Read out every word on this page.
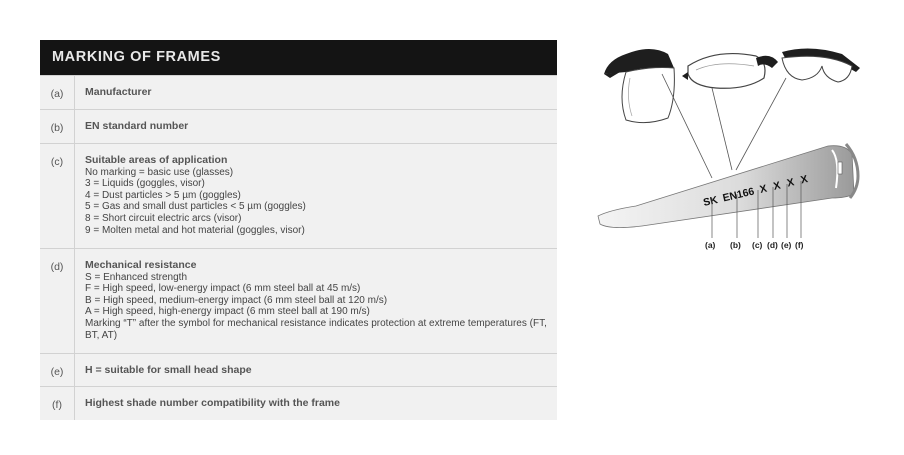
MARKING OF FRAMES
(a)	Manufacturer
(b)	EN standard number
(c)	Suitable areas of application
No marking = basic use (glasses)
3 = Liquids (goggles, visor)
4 = Dust particles > 5 µm (goggles)
5 = Gas and small dust particles < 5 µm (goggles)
8 = Short circuit electric arcs (visor)
9 = Molten metal and hot material (goggles, visor)
(d)	Mechanical resistance
S = Enhanced strength
F = High speed, low-energy impact (6 mm steel ball at 45 m/s)
B = High speed, medium-energy impact (6 mm steel ball at 120 m/s)
A = High speed, high-energy impact (6 mm steel ball at 190 m/s)
Marking “T” after the symbol for mechanical resistance indicates protection at extreme temperatures (FT, BT, AT)
(e)	H = suitable for small head shape
(f)	Highest shade number compatibility with the frame
SK EN166 X X X X
(a) (b) (c) (d) (e) (f)
